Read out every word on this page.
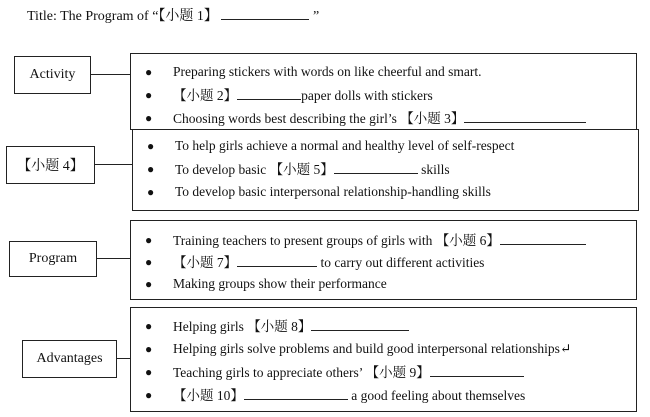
Title: The Program of “【小题 1】	”
Activity	● Preparing stickers with words on like cheerful and smart.
● 【小题 2】	paper dolls with stickers
● Choosing words best describing the girl’s 【小题 3】
【小题 4】
● To help girls achieve a normal and healthy level of self-respect
● To develop basic 【小题 5】	skills
● To develop basic interpersonal relationship-handling skills
Program
● Training teachers to present groups of girls with 【小题 6】
● 【小题 7】	to carry out different activities
● Making groups show their performance
Advantages
● Helping girls 【小题 8】
● Helping girls solve problems and build good interpersonal relationships↵
● Teaching girls to appreciate others’ 【小题 9】
● 【小题 10】	a good feeling about themselves
